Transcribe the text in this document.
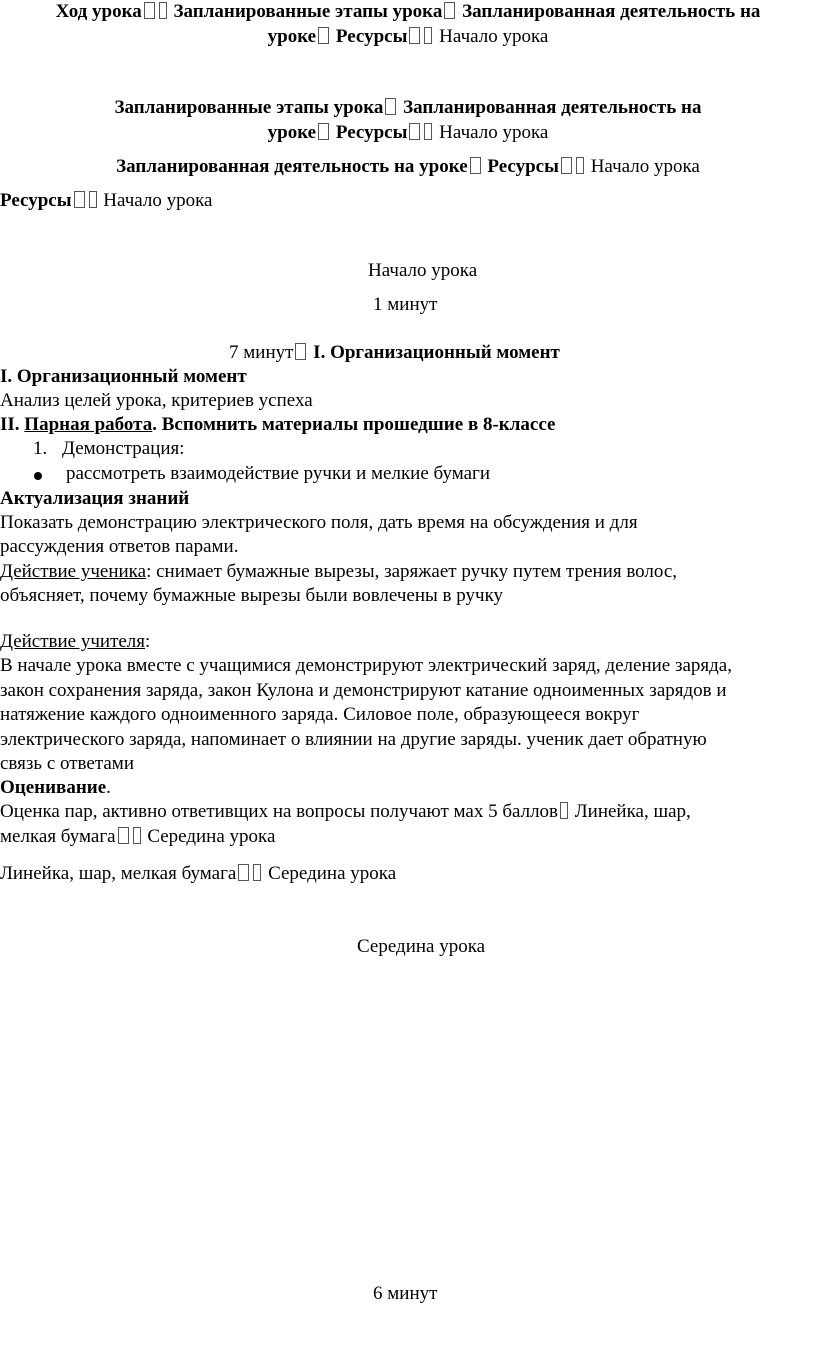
Ход урока Запланированные этапы урока Запланированная деятельность на
уроке Ресурсы Начало урока
Запланированные этапы урока Запланированная деятельность на
уроке Ресурсы Начало урока
Запланированная деятельность на уроке Ресурсы Начало урока
Ресурсы Начало урока
Начало урока
1 минут
7 минут I. Организационный момент
I. Организационный момент
Анализ целей урока, критериев успеха
II. Парная работа. Вспомнить материалы прошедшие в 8-классе
1. Демонстрация:
рассмотреть взаимодействие ручки и мелкие бумаги
Актуализация знаний
Показать демонстрацию электрического поля, дать время на обсуждения и для
рассуждения ответов парами.
Действие ученика: снимает бумажные вырезы, заряжает ручку путем трения волос,
объясняет, почему бумажные вырезы были вовлечены в ручку
Действие учителя:
В начале урока вместе с учащимися демонстрируют электрический заряд, деление заряда,
закон сохранения заряда, закон Кулона и демонстрируют катание одноименных зарядов и
натяжение каждого одноименного заряда. Силовое поле, образующееся вокруг
электрического заряда, напоминает о влиянии на другие заряды. ученик дает обратную
связь с ответами
Оценивание.
Оценка пар, активно ответивщих на вопросы получают мах 5 баллов Линейка, шар,
мелкая бумага Середина урока
Линейка, шар, мелкая бумага Середина урока
Середина урока
6 минут
